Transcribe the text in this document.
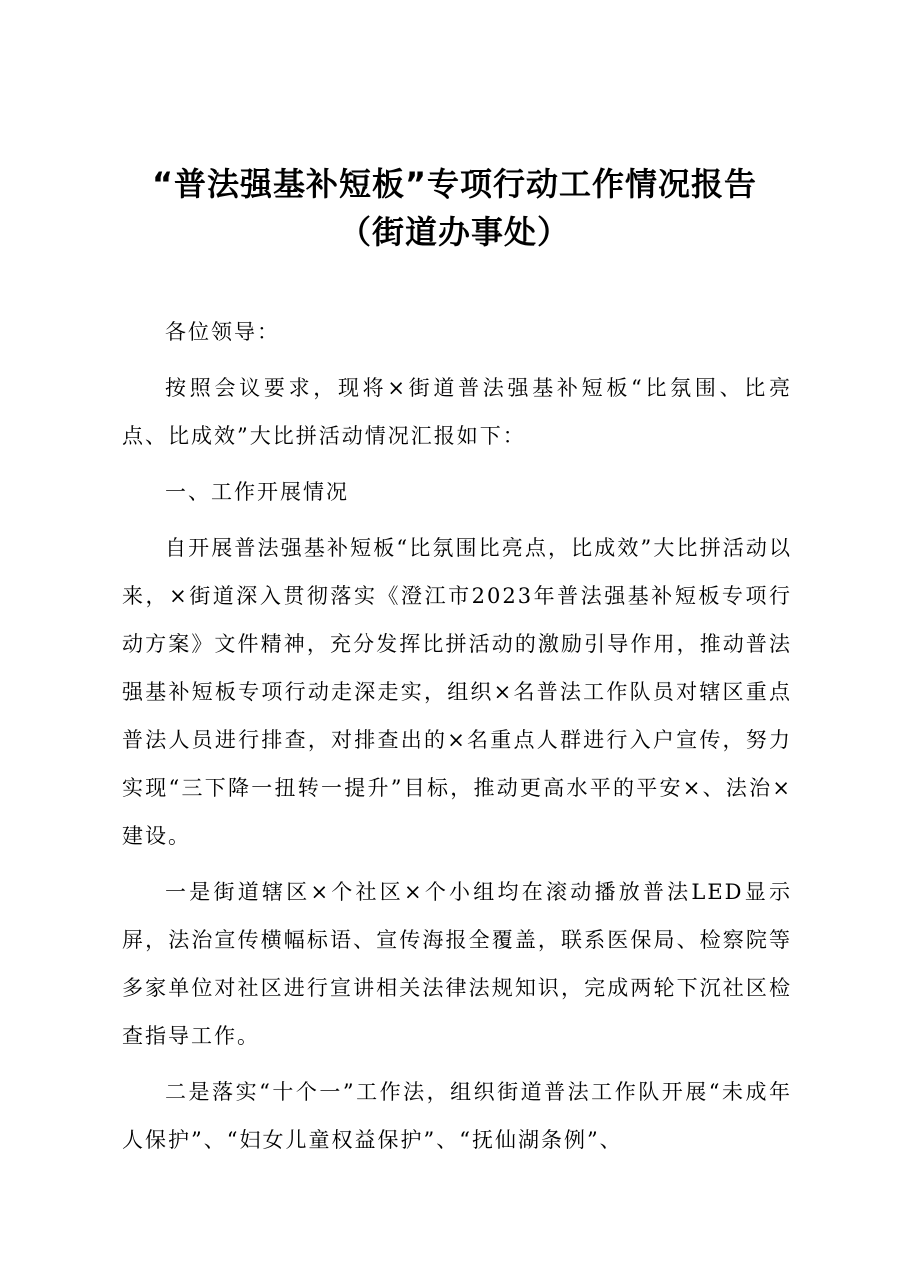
“普法强基补短板”专项行动工作情况报告
（街道办事处）

各位领导：

按照会议要求，现将×街道普法强基补短板“比氛围、比亮点、比成效”大比拼活动情况汇报如下：

一、工作开展情况

自开展普法强基补短板“比氛围比亮点，比成效”大比拼活动以来，×街道深入贯彻落实《澄江市2023年普法强基补短板专项行动方案》文件精神，充分发挥比拼活动的激励引导作用，推动普法强基补短板专项行动走深走实，组织×名普法工作队员对辖区重点普法人员进行排查，对排查出的×名重点人群进行入户宣传，努力实现“三下降一扭转一提升”目标，推动更高水平的平安×、法治×建设。

一是街道辖区×个社区×个小组均在滚动播放普法LED显示屏，法治宣传横幅标语、宣传海报全覆盖，联系医保局、检察院等多家单位对社区进行宣讲相关法律法规知识，完成两轮下沉社区检查指导工作。

二是落实“十个一”工作法，组织街道普法工作队开展“未成年人保护”、“妇女儿童权益保护”、“抚仙湖条例”、
